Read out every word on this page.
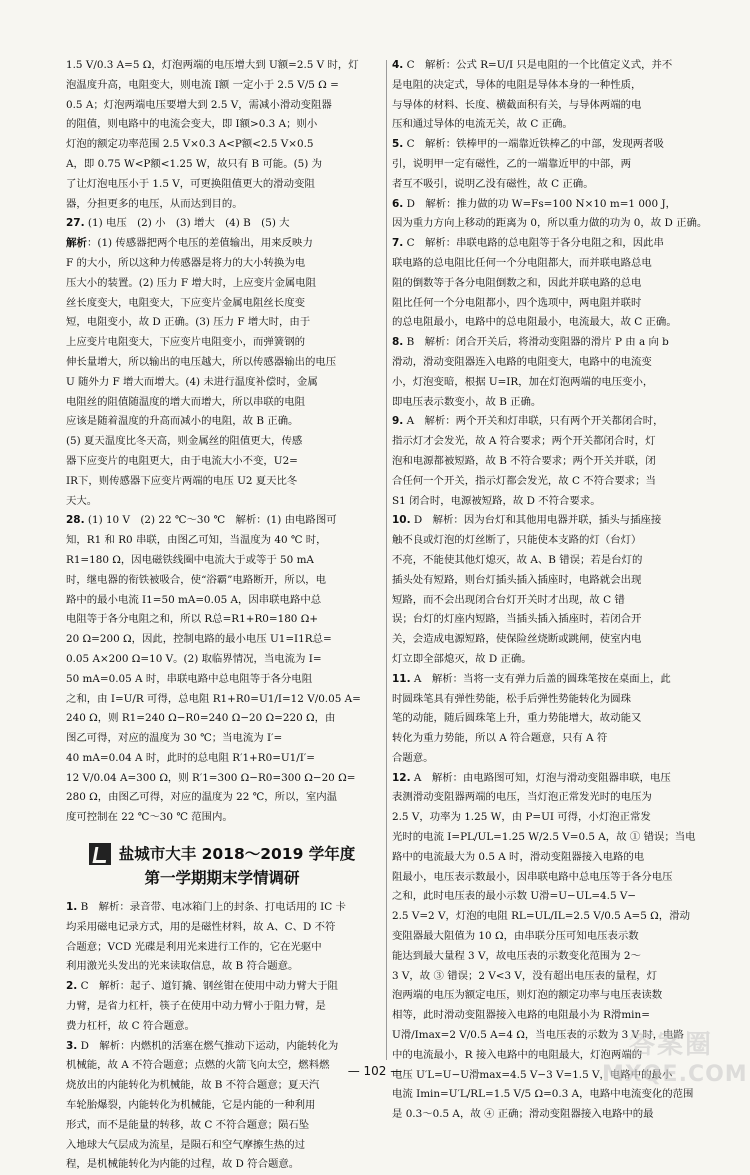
1.5 V/0.3 A=5 Ω，灯泡两端的电压增大到 U额=2.5 V 时，灯

泡温度升高，电阻变大，则电流 I额 一定小于 2.5 V/5 Ω =

0.5 A；灯泡两端电压要增大到 2.5 V，需减小滑动变阻器

的阻值，则电路中的电流会变大，即 I额>0.3 A；则小

灯泡的额定功率范围 2.5 V×0.3 A<P额<2.5 V×0.5

A，即 0.75 W<P额<1.25 W，故只有 B 可能。(5) 为

了让灯泡电压小于 1.5 V，可更换阻值更大的滑动变阻

器，分担更多的电压，从而达到目的。

27. (1) 电压　(2) 小　(3) 增大　(4) B　(5) 大

解析：(1) 传感器把两个电压的差值输出，用来反映力

F 的大小，所以这种力传感器是将力的大小转换为电

压大小的装置。(2) 压力 F 增大时，上应变片金属电阻

丝长度变大，电阻变大，下应变片金属电阻丝长度变

短，电阻变小，故 D 正确。(3) 压力 F 增大时，由于

上应变片电阻变大，下应变片电阻变小，而弹簧钢的

伸长量增大，所以输出的电压越大，所以传感器输出的电压

U 随外力 F 增大而增大。(4) 未进行温度补偿时，金属

电阻丝的阻值随温度的增大而增大，所以串联的电阻

应该是随着温度的升高而减小的电阻，故 B 正确。

(5) 夏天温度比冬天高，则金属丝的阻值更大，传感

器下应变片的电阻更大，由于电流大小不变，U2=

IR下，则传感器下应变片两端的电压 U2 夏天比冬

天大。

28. (1) 10 V　(2) 22 ℃～30 ℃　解析：(1) 由电路图可

知，R1 和 R0 串联，由图乙可知，当温度为 40 ℃ 时，

R1=180 Ω，因电磁铁线圈中电流大于或等于 50 mA

时，继电器的衔铁被吸合，使“浴霸”电路断开，所以，电

路中的最小电流 I1=50 mA=0.05 A，因串联电路中总

电阻等于各分电阻之和，所以 R总=R1+R0=180 Ω+

20 Ω=200 Ω，因此，控制电路的最小电压 U1=I1R总=

0.05 A×200 Ω=10 V。(2) 取临界情况，当电流为 I=

50 mA=0.05 A 时，串联电路中总电阻等于各分电阻

之和，由 I=U/R 可得，总电阻 R1+R0=U1/I=12 V/0.05 A=

240 Ω，则 R1=240 Ω−R0=240 Ω−20 Ω=220 Ω，由

图乙可得，对应的温度为 30 ℃；当电流为 I′=

40 mA=0.04 A 时，此时的总电阻 R′1+R0=U1/I′=

12 V/0.04 A=300 Ω，则 R′1=300 Ω−R0=300 Ω−20 Ω=

280 Ω，由图乙可得，对应的温度为 22 ℃，所以，室内温

度可控制在 22 ℃～30 ℃ 范围内。

盐城市大丰 2018～2019 学年度
第一学期期末学情调研

1. B　解析：录音带、电冰箱门上的封条、打电话用的 IC 卡

均采用磁电记录方式，用的是磁性材料，故 A、C、D 不符

合题意；VCD 光碟是利用光来进行工作的，它在光驱中

利用激光头发出的光来读取信息，故 B 符合题意。

2. C　解析：起子、道钉撬、钢丝钳在使用中动力臂大于阻

力臂，是省力杠杆，筷子在使用中动力臂小于阻力臂，是

费力杠杆，故 C 符合题意。

3. D　解析：内燃机的活塞在燃气推动下运动，内能转化为

机械能，故 A 不符合题意；点燃的火箭飞向太空，燃料燃

烧放出的内能转化为机械能，故 B 不符合题意；夏天汽

车轮胎爆裂，内能转化为机械能，它是内能的一种利用

形式，而不是能量的转移，故 C 不符合题意；陨石坠

入地球大气层成为流星，是陨石和空气摩擦生热的过

程，是机械能转化为内能的过程，故 D 符合题意。

4. C　解析：公式 R=U/I 只是电阻的一个比值定义式，并不

是电阻的决定式，导体的电阻是导体本身的一种性质，

与导体的材料、长度、横截面积有关，与导体两端的电

压和通过导体的电流无关，故 C 正确。

5. C　解析：铁棒甲的一端靠近铁棒乙的中部，发现两者吸

引，说明甲一定有磁性，乙的一端靠近甲的中部，两

者互不吸引，说明乙没有磁性，故 C 正确。

6. D　解析：推力做的功 W=Fs=100 N×10 m=1 000 J，

因为重力方向上移动的距离为 0，所以重力做的功为 0，故 D 正确。

7. C　解析：串联电路的总电阻等于各分电阻之和，因此串

联电路的总电阻比任何一个分电阻都大，而并联电路总电

阻的倒数等于各分电阻倒数之和，因此并联电路的总电

阻比任何一个分电阻都小，四个选项中，两电阻并联时

的总电阻最小，电路中的总电阻最小，电流最大，故 C 正确。

8. B　解析：闭合开关后，将滑动变阻器的滑片 P 由 a 向 b

滑动，滑动变阻器连入电路的电阻变大，电路中的电流变

小，灯泡变暗，根据 U=IR，加在灯泡两端的电压变小，

即电压表示数变小，故 B 正确。

9. A　解析：两个开关和灯串联，只有两个开关都闭合时，

指示灯才会发光，故 A 符合要求；两个开关都闭合时，灯

泡和电源都被短路，故 B 不符合要求；两个开关并联，闭

合任何一个开关，指示灯都会发光，故 C 不符合要求；当

S1 闭合时，电源被短路，故 D 不符合要求。

10. D　解析：因为台灯和其他用电器并联，插头与插座接

触不良或灯泡的灯丝断了，只能使本支路的灯（台灯）

不亮，不能使其他灯熄灭，故 A、B 错误；若是台灯的

插头处有短路，则台灯插头插入插座时，电路就会出现

短路，而不会出现闭合台灯开关时才出现，故 C 错

误；台灯的灯座内短路，当插头插入插座时，若闭合开

关，会造成电源短路，使保险丝烧断或跳闸，使室内电

灯立即全部熄灭，故 D 正确。

11. A　解析：当将一支有弹力后盖的圆珠笔按在桌面上，此

时圆珠笔具有弹性势能，松手后弹性势能转化为圆珠

笔的动能，随后圆珠笔上升，重力势能增大，故动能又

转化为重力势能，所以 A 符合题意，只有 A 符

合题意。

12. A　解析：由电路图可知，灯泡与滑动变阻器串联，电压

表测滑动变阻器两端的电压，当灯泡正常发光时的电压为

2.5 V，功率为 1.25 W，由 P=UI 可得，小灯泡正常发

光时的电流 I=PL/UL=1.25 W/2.5 V=0.5 A，故 ① 错误；当电

路中的电流最大为 0.5 A 时，滑动变阻器接入电路的电

阻最小，电压表示数最小，因串联电路中总电压等于各分电压

之和，此时电压表的最小示数 U滑=U−UL=4.5 V−

2.5 V=2 V，灯泡的电阻 RL=UL/IL=2.5 V/0.5 A=5 Ω，滑动

变阻器最大阻值为 10 Ω，由串联分压可知电压表示数

能达到最大量程 3 V，故电压表的示数变化范围为 2～

3 V，故 ③ 错误；2 V<3 V，没有超出电压表的量程，灯

泡两端的电压为额定电压，则灯泡的额定功率与电压表读数

相等，此时滑动变阻器接入电路的电阻最小为 R滑min=

U滑/Imax=2 V/0.5 A=4 Ω，当电压表的示数为 3 V 时，电路

中的电流最小，R 接入电路中的电阻最大，灯泡两端的

电压 U′L=U−U滑max=4.5 V−3 V=1.5 V，电路中的最小

电流 Imin=U′L/RL=1.5 V/5 Ω=0.3 A，电路中电流变化的范围

是 0.3～0.5 A，故 ④ 正确；滑动变阻器接入电路中的最

— 102 —
答案圈
MXQE.COM
